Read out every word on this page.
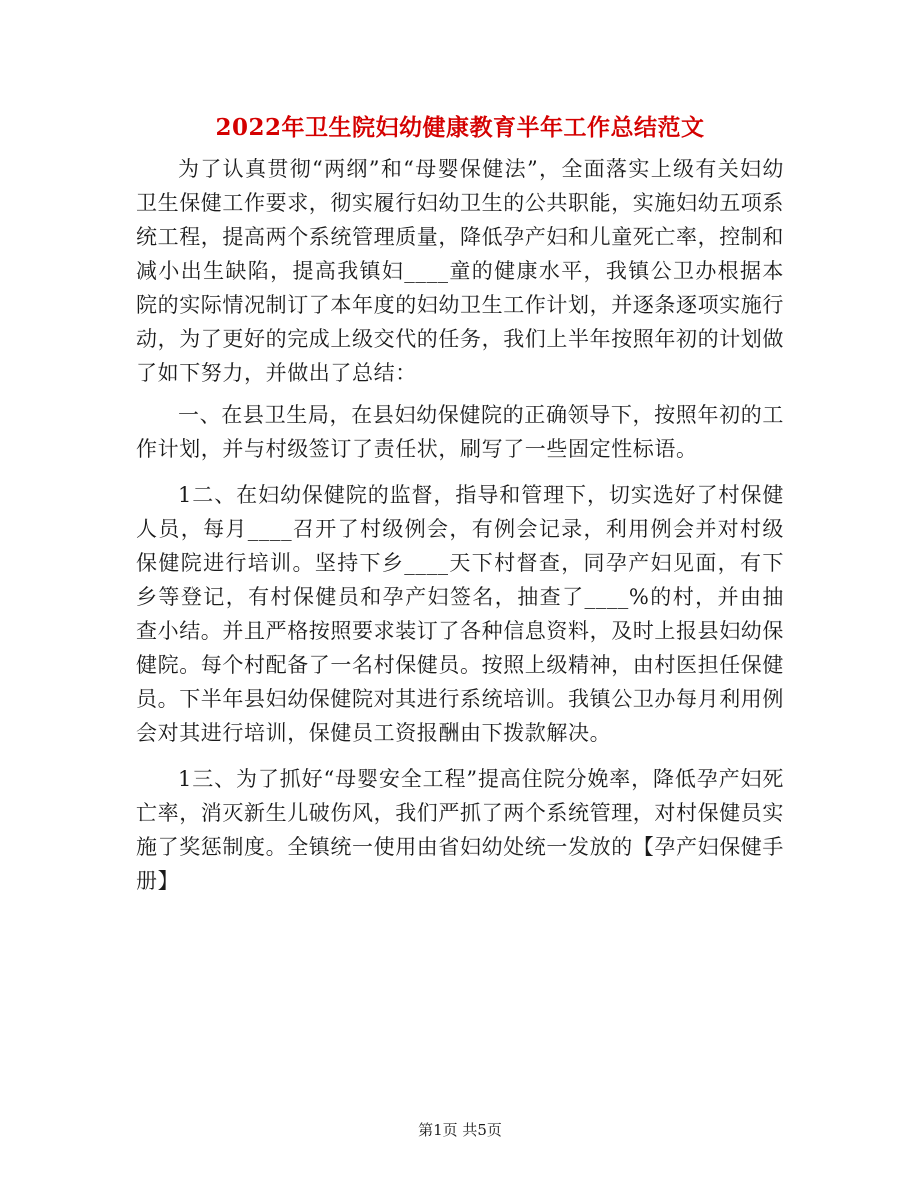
2022年卫生院妇幼健康教育半年工作总结范文

为了认真贯彻“两纲”和“母婴保健法”，全面落实上级有关妇幼卫生保健工作要求，彻实履行妇幼卫生的公共职能，实施妇幼五项系统工程，提高两个系统管理质量，降低孕产妇和儿童死亡率，控制和减小出生缺陷，提高我镇妇____童的健康水平，我镇公卫办根据本院的实际情况制订了本年度的妇幼卫生工作计划，并逐条逐项实施行动，为了更好的完成上级交代的任务，我们上半年按照年初的计划做了如下努力，并做出了总结：

一、在县卫生局，在县妇幼保健院的正确领导下，按照年初的工作计划，并与村级签订了责任状，刷写了一些固定性标语。

1二、在妇幼保健院的监督，指导和管理下，切实选好了村保健人员，每月____召开了村级例会，有例会记录，利用例会并对村级保健院进行培训。坚持下乡____天下村督查，同孕产妇见面，有下乡等登记，有村保健员和孕产妇签名，抽查了____%的村，并由抽查小结。并且严格按照要求装订了各种信息资料，及时上报县妇幼保健院。每个村配备了一名村保健员。按照上级精神，由村医担任保健员。下半年县妇幼保健院对其进行系统培训。我镇公卫办每月利用例会对其进行培训，保健员工资报酬由下拨款解决。

1三、为了抓好“母婴安全工程”提高住院分娩率，降低孕产妇死亡率，消灭新生儿破伤风，我们严抓了两个系统管理，对村保健员实施了奖惩制度。全镇统一使用由省妇幼处统一发放的【孕产妇保健手册】

第1页 共5页
